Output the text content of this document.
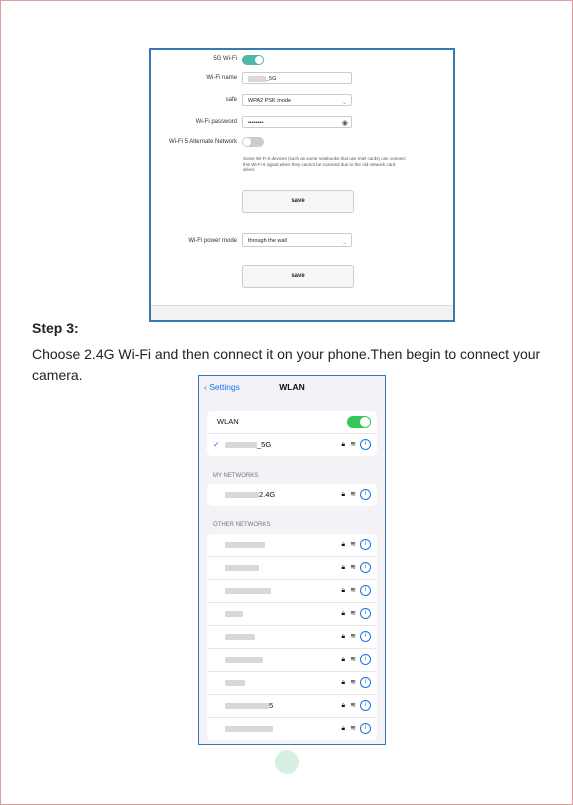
5G Wi-Fi
Wi-Fi name	_5G
safe	WPA2 PSK mode	⌄
Wi-Fi password	••••••••	◉
Wi-Fi 5 Alternate Network
Some Wi-Fi 5 devices (such as some notebooks that use Intel cards) can connect this Wi-Fi 6 signal when they cannot be scanned due to the old network card driver.
save
Wi-Fi power mode	through the wall	⌄
save
Step 3:
Choose 2.4G Wi-Fi and then connect it on your phone.Then begin to connect your camera.
‹ Settings	WLAN
WLAN
✓	_5G	🔒︎ ≋ i
MY NETWORKS
2.4G	🔒︎ ≋ i
OTHER NETWORKS
🔒︎ ≋ i
🔒︎ ≋ i
🔒︎ ≋ i
🔒︎ ≋ i
🔒︎ ≋ i
🔒︎ ≋ i
🔒︎ ≋ i
5	🔒︎ ≋ i
🔒︎ ≋ i
